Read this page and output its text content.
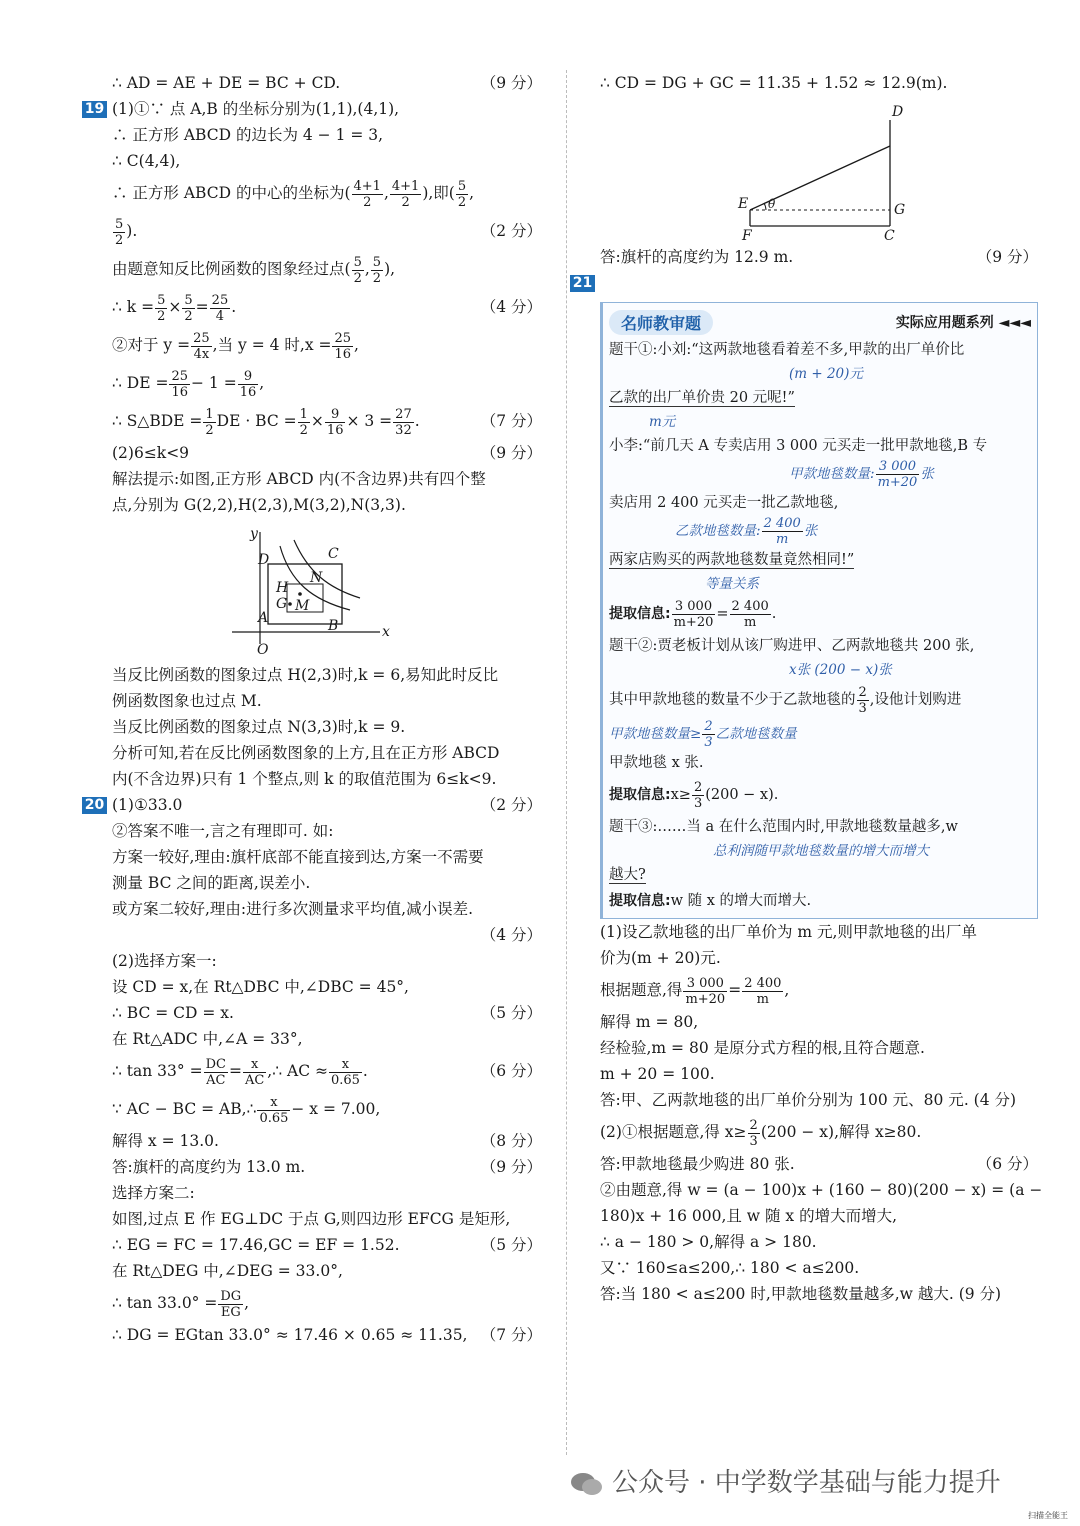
∴ AD = AE + DE = BC + CD.	（9 分）
19 (1)①∵ 点 A,B 的坐标分别为(1,1),(4,1),
∴ 正方形 ABCD 的边长为 4 − 1 = 3,
∴ C(4,4),
∴ 正方形 ABCD 的中心的坐标为( $\frac{4+1}{2}$ , $\frac{4+1}{2}$ ),即( $\frac{5}{2}$ ,
$\frac{5}{2}$ ).	（2 分）
由题意知反比例函数的图象经过点( $\frac{5}{2}$ , $\frac{5}{2}$ ),
∴ $k = \frac{5}{2} \times \frac{5}{2} = \frac{25}{4}$ .	（4 分）
②对于 $y = \frac{25}{4x}$ ,当 y = 4 时$,x = \frac{25}{16}$ ,
∴ DE = $\frac{25}{16} - 1 = \frac{9}{16}$ ,
∴ S△BDE = $\frac{1}{2}$ DE · BC = $\frac{1}{2} \times \frac{9}{16} \times 3 = \frac{27}{32}$ .	（7 分）
(2)6≤k<9	（9 分）
解法提示:如图,正方形 ABCD 内(不含边界)共有四个整
点,分别为 G(2,2),H(2,3),M(3,2),N(3,3).
y
x
O
A	B
C
D
H
N
G M
当反比例函数的图象过点 H(2,3)时,k = 6,易知此时反比
例函数图象也过点 M.
当反比例函数的图象过点 N(3,3)时,k = 9.
分析可知,若在反比例函数图象的上方,且在正方形 ABCD
内(不含边界)只有 1 个整点,则 k 的取值范围为 6≤k<9.
20 (1)①33.0	（2 分）
②答案不唯一,言之有理即可. 如:
方案一较好,理由:旗杆底部不能直接到达,方案一不需要
测量 BC 之间的距离,误差小.
或方案二较好,理由:进行多次测量求平均值,减小误差.
（4 分）

(2)选择方案一:
设 CD = x,在 Rt△DBC 中,∠DBC = 45°,
∴ BC = CD = x.	（5 分）
在 Rt△ADC 中,∠A = 33°,
∴ $\tan 33^\circ = \frac{DC}{AC} = \frac{x}{AC}$ ,∴ AC ≈ $\frac{x}{0.65}$ .	（6 分）
∵ AC − BC = AB,∴ $\frac{x}{0.65} - x = 7.00$,
解得 x = 13.0.	（8 分）
答:旗杆的高度约为 13.0 m.	（9 分）
选择方案二:
如图,过点 E 作 EG⊥DC 于点 G,则四边形 EFCG 是矩形,
∴ EG = FC = 17.46,GC = EF = 1.52.	（5 分）
在 Rt△DEG 中,∠DEG = 33.0°,
∴ $\tan 33.0^\circ = \frac{DG}{EG}$ ,
∴ DG = EGtan 33.0° ≈ 17.46 × 0.65 ≈ 11.35, （7 分）
∴ CD = DG + GC = 11.35 + 1.52 ≈ 12.9(m).
D
E θ	G
F	C
答:旗杆的高度约为 12.9 m.	（9 分）
21

名师教审题	实际应用题系列 ◄◄◄
题干①:小刘:“这两款地毯看着差不多,甲款的出厂单价比
(m + 20)元
乙款的出厂单价贵 20 元呢!”
m元
小李:“前几天 A 专卖店用 3 000 元买走一批甲款地毯,B 专
甲款地毯数量: $\frac{3 000}{m+20}$ 张
卖店用 2 400 元买走一批乙款地毯,
乙款地毯数量: $\frac{2 400}{m}$ 张
两家店购买的两款地毯数量竟然相同!”
等量关系
提取信息: $\frac{3 000}{m+20} = \frac{2 400}{m}$ .
题干②:贾老板计划从该厂购进甲、乙两款地毯共 200 张,
x张 (200 − x)张
其中甲款地毯的数量不少于乙款地毯的 $\frac{2}{3}$ ,设他计划购进
甲款地毯数量≥ $\frac{2}{3}$ 乙款地毯数量
甲款地毯 x 张.
提取信息:x≥ $\frac{2}{3} (200 - x)$.
题干③:……当 a 在什么范围内时,甲款地毯数量越多,w
总利润随甲款地毯数量的增大而增大
越大?
提取信息:w 随 x 的增大而增大.
(1)设乙款地毯的出厂单价为 m 元,则甲款地毯的出厂单
价为(m + 20)元.
根据题意,得 $\frac{3 000}{m+20} = \frac{2 400}{m}$ ,
解得 m = 80,
经检验,m = 80 是原分式方程的根,且符合题意.
m + 20 = 100.
答:甲、乙两款地毯的出厂单价分别为 100 元、80 元. (4 分)
(2)①根据题意,得 $x\ge \frac{2}{3} (200 - x)$,解得 x≥80.
答:甲款地毯最少购进 80 张.	（6 分）
②由题意,得 w = (a − 100)x + (160 − 80)(200 − x) = (a −
180)x + 16 000,且 w 随 x 的增大而增大,
∴ a − 180 > 0,解得 a > 180.
又∵ 160≤a≤200,∴ 180 < a≤200.
答:当 180 < a≤200 时,甲款地毯数量越多,w 越大. (9 分)
公众号 · 中学数学基础与能力提升
扫描全能王
